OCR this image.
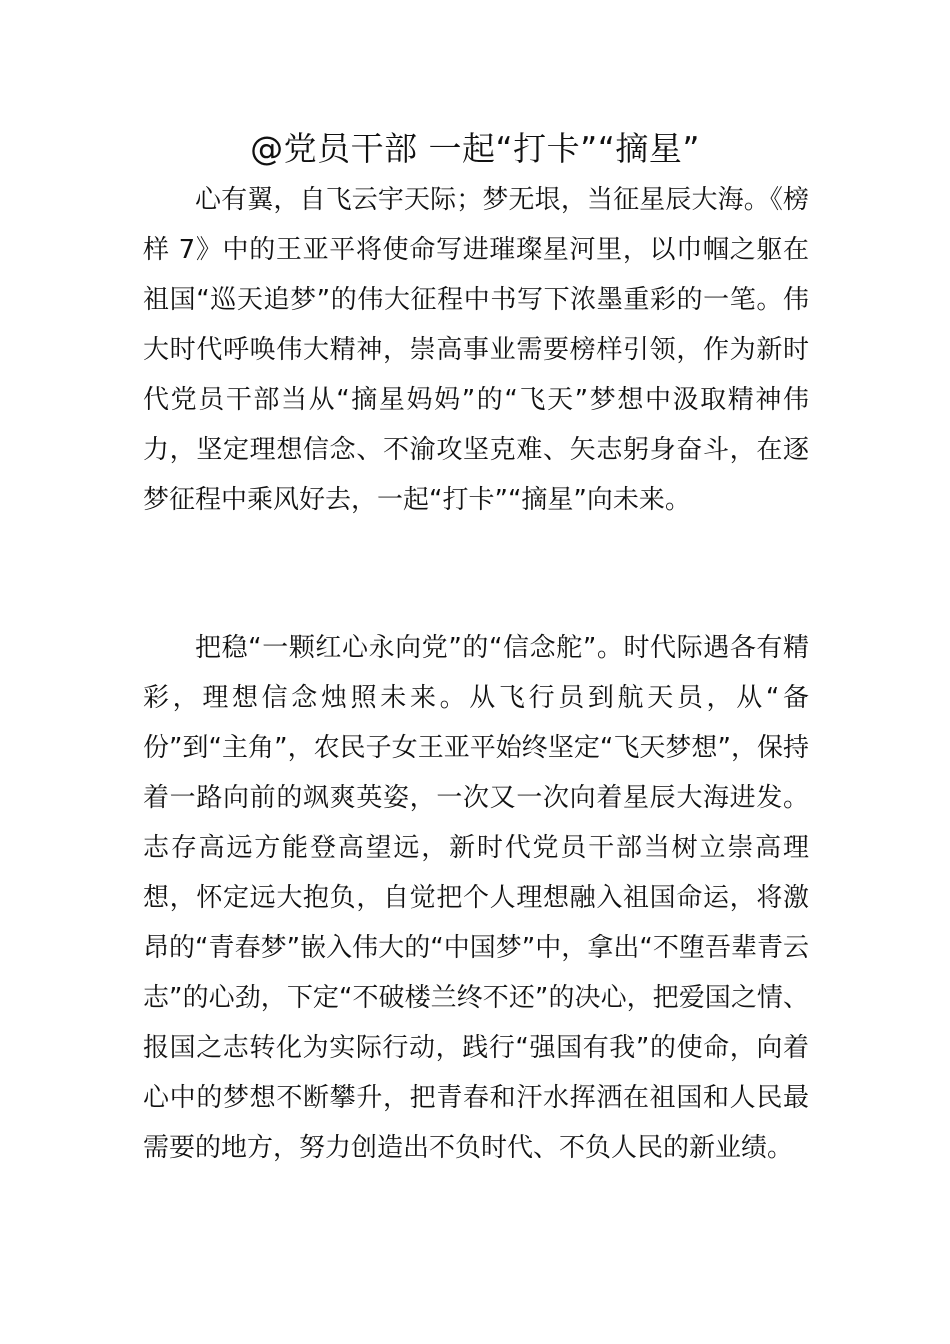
@党员干部 一起“打卡”“摘星”

心有翼，自飞云宇天际；梦无垠，当征星辰大海。《榜样 7》中的王亚平将使命写进璀璨星河里，以巾帼之躯在祖国“巡天追梦”的伟大征程中书写下浓墨重彩的一笔。伟大时代呼唤伟大精神，崇高事业需要榜样引领，作为新时代党员干部当从“摘星妈妈”的“飞天”梦想中汲取精神伟力，坚定理想信念、不渝攻坚克难、矢志躬身奋斗，在逐梦征程中乘风好去，一起“打卡”“摘星”向未来。

把稳“一颗红心永向党”的“信念舵”。时代际遇各有精彩，理想信念烛照未来。从飞行员到航天员，从“备份”到“主角”，农民子女王亚平始终坚定“飞天梦想”，保持着一路向前的飒爽英姿，一次又一次向着星辰大海进发。志存高远方能登高望远，新时代党员干部当树立崇高理想，怀定远大抱负，自觉把个人理想融入祖国命运，将激昂的“青春梦”嵌入伟大的“中国梦”中，拿出“不堕吾辈青云志”的心劲，下定“不破楼兰终不还”的决心，把爱国之情、报国之志转化为实际行动，践行“强国有我”的使命，向着心中的梦想不断攀升，把青春和汗水挥洒在祖国和人民最需要的地方，努力创造出不负时代、不负人民的新业绩。
